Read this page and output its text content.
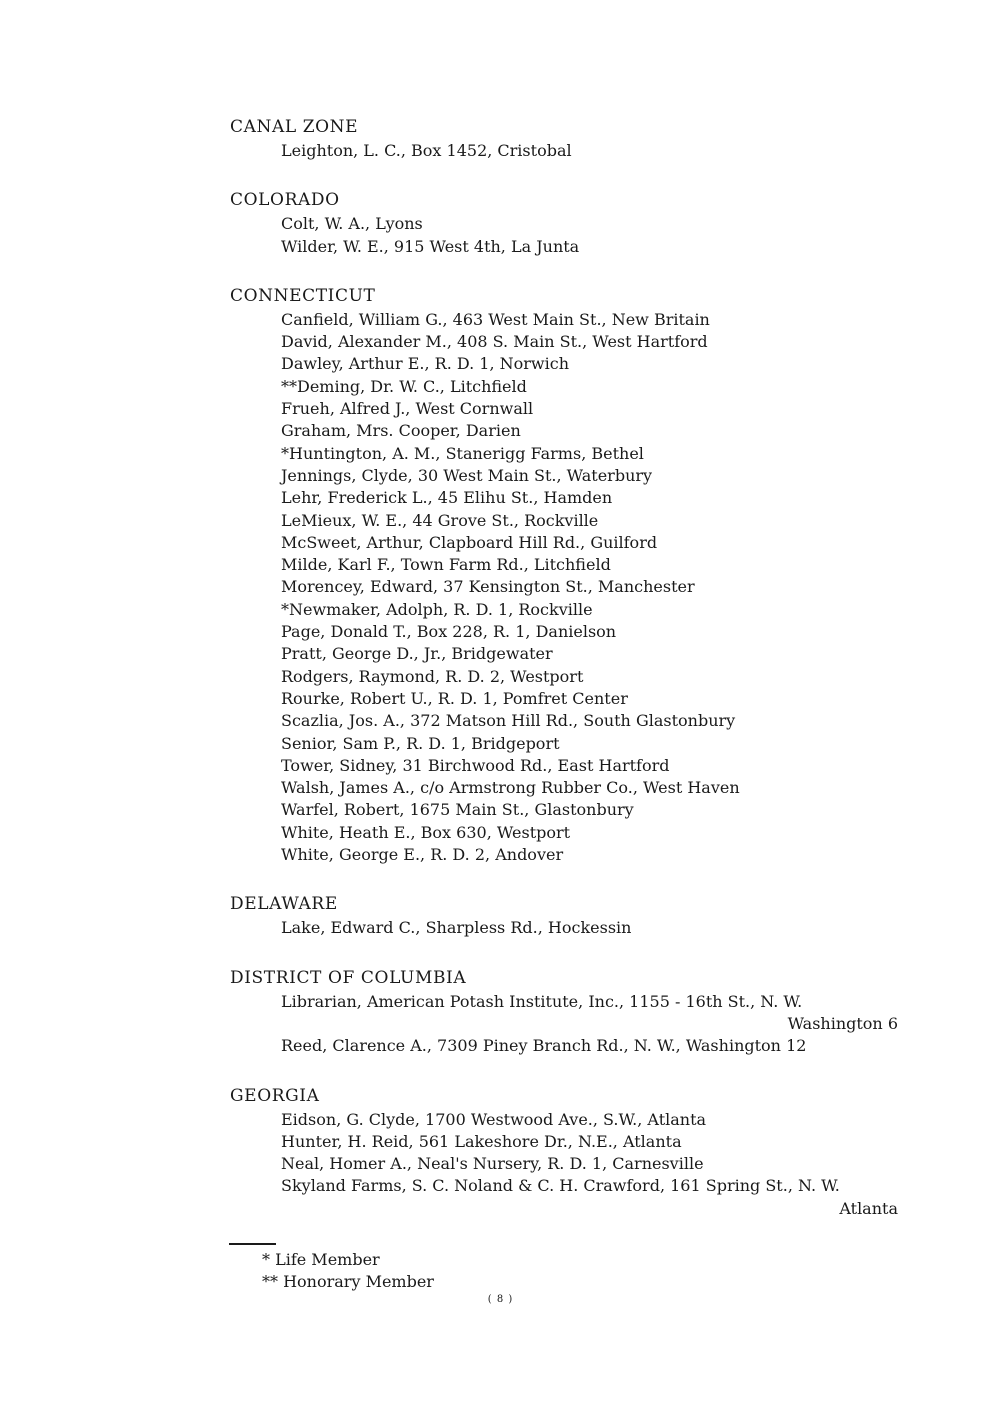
CANAL ZONE
Leighton, L. C., Box 1452, Cristobal
COLORADO
Colt, W. A., Lyons
Wilder, W. E., 915 West 4th, La Junta
CONNECTICUT
Canfield, William G., 463 West Main St., New Britain
David, Alexander M., 408 S. Main St., West Hartford
Dawley, Arthur E., R. D. 1, Norwich
**Deming, Dr. W. C., Litchfield
Frueh, Alfred J., West Cornwall
Graham, Mrs. Cooper, Darien
*Huntington, A. M., Stanerigg Farms, Bethel
Jennings, Clyde, 30 West Main St., Waterbury
Lehr, Frederick L., 45 Elihu St., Hamden
LeMieux, W. E., 44 Grove St., Rockville
McSweet, Arthur, Clapboard Hill Rd., Guilford
Milde, Karl F., Town Farm Rd., Litchfield
Morencey, Edward, 37 Kensington St., Manchester
*Newmaker, Adolph, R. D. 1, Rockville
Page, Donald T., Box 228, R. 1, Danielson
Pratt, George D., Jr., Bridgewater
Rodgers, Raymond, R. D. 2, Westport
Rourke, Robert U., R. D. 1, Pomfret Center
Scazlia, Jos. A., 372 Matson Hill Rd., South Glastonbury
Senior, Sam P., R. D. 1, Bridgeport
Tower, Sidney, 31 Birchwood Rd., East Hartford
Walsh, James A., c/o Armstrong Rubber Co., West Haven
Warfel, Robert, 1675 Main St., Glastonbury
White, Heath E., Box 630, Westport
White, George E., R. D. 2, Andover
DELAWARE
Lake, Edward C., Sharpless Rd., Hockessin
DISTRICT OF COLUMBIA
Librarian, American Potash Institute, Inc., 1155 - 16th St., N. W.
Washington 6
Reed, Clarence A., 7309 Piney Branch Rd., N. W., Washington 12
GEORGIA
Eidson, G. Clyde, 1700 Westwood Ave., S.W., Atlanta
Hunter, H. Reid, 561 Lakeshore Dr., N.E., Atlanta
Neal, Homer A., Neal's Nursery, R. D. 1, Carnesville
Skyland Farms, S. C. Noland & C. H. Crawford, 161 Spring St., N. W.
Atlanta
* Life Member
** Honorary Member
( 8 )
